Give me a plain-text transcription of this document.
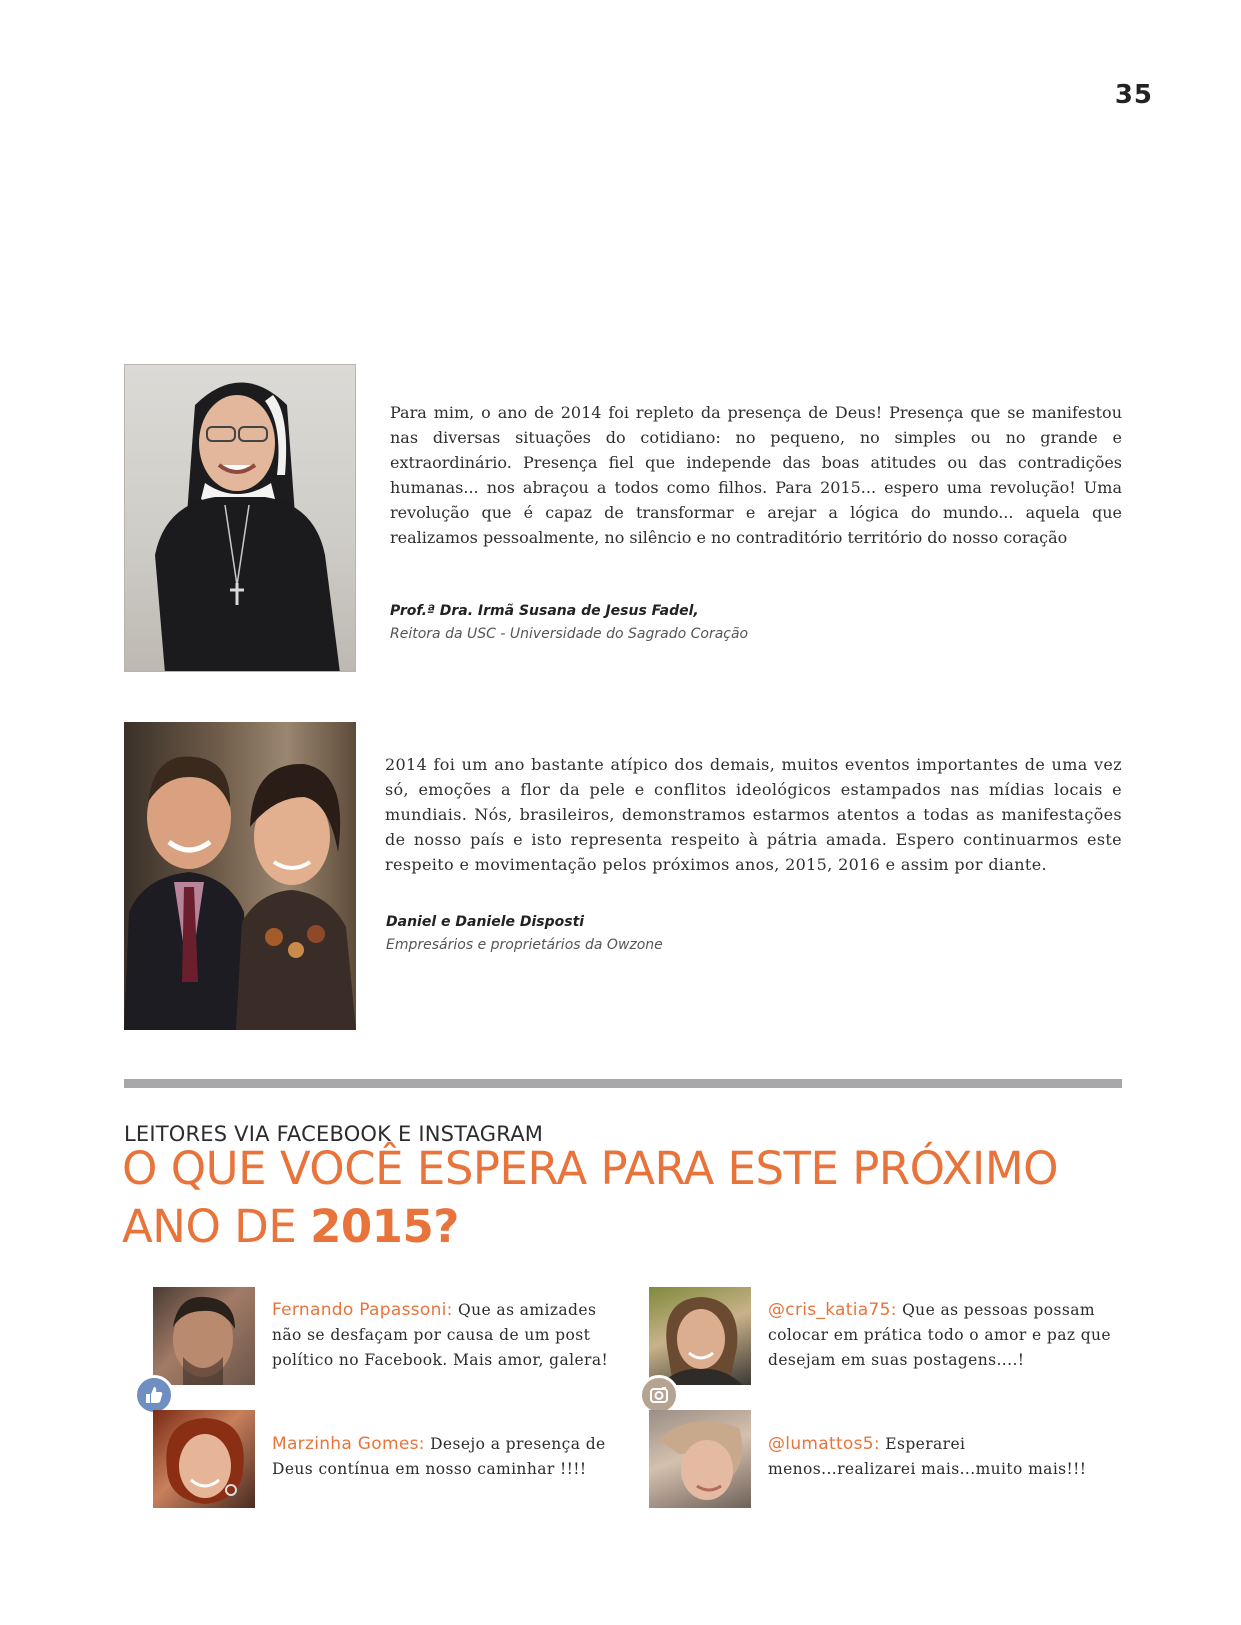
35
Para mim, o ano de 2014 foi repleto da presença de Deus! Presença que se manifestou nas diversas situações do cotidiano: no pequeno, no simples ou no grande e extraordinário. Presença fiel que independe das boas atitudes ou das contradições humanas... nos abraçou a todos como filhos. Para 2015... espero uma revolução! Uma revolução que é capaz de transformar e arejar a lógica do mundo... aquela que realizamos pessoalmente, no silêncio e no contraditório território do nosso coração
Prof.ª Dra. Irmã Susana de Jesus Fadel,
Reitora da USC - Universidade do Sagrado Coração
2014 foi um ano bastante atípico dos demais, muitos eventos importantes de uma vez só, emoções a flor da pele e conflitos ideológicos estampados nas mídias locais e mundiais. Nós, brasileiros, demonstramos estarmos atentos a todas as manifestações de nosso país e isto representa respeito à pátria amada. Espero continuarmos este respeito e movimentação pelos próximos anos, 2015, 2016 e assim por diante.
Daniel e Daniele Disposti
Empresários e proprietários da Owzone
LEITORES VIA FACEBOOK E INSTAGRAM
O QUE VOCÊ ESPERA PARA ESTE PRÓXIMO
ANO DE 2015?
Fernando Papassoni: Que as amizades não se desfaçam por causa de um post político no Facebook. Mais amor, galera!
Marzinha Gomes: Desejo a presença de Deus contínua em nosso caminhar !!!!
@cris_katia75: Que as pessoas possam colocar em prática todo o amor e paz que desejam em suas postagens....!
@lumattos5: Esperarei menos...realizarei mais...muito mais!!!
